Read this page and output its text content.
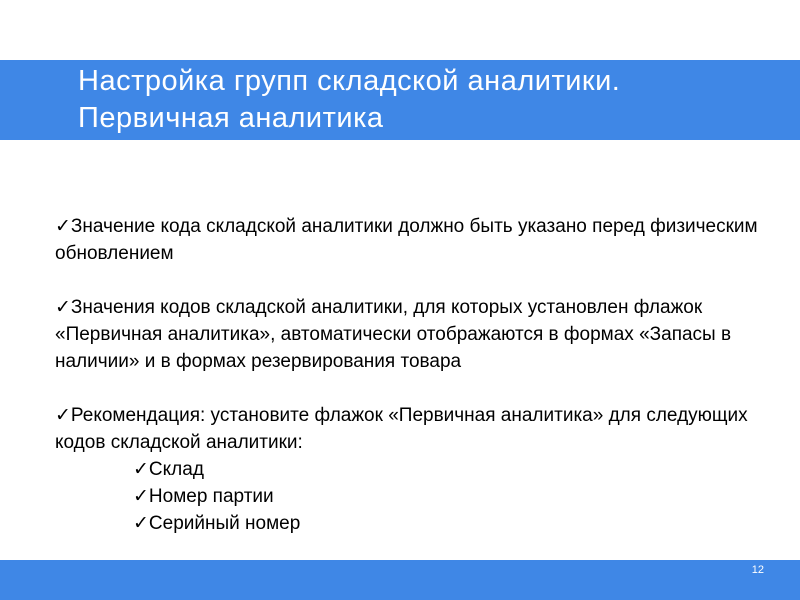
Настройка групп складской аналитики.
Первичная аналитика

✓Значение кода складской аналитики должно быть указано перед физическим обновлением

✓Значения кодов складской аналитики, для которых установлен флажок «Первичная аналитика», автоматически отображаются в формах «Запасы в наличии» и в формах резервирования товара

✓Рекомендация: установите флажок «Первичная аналитика» для следующих кодов складской аналитики:

✓Склад

✓Номер партии

✓Серийный номер

12
